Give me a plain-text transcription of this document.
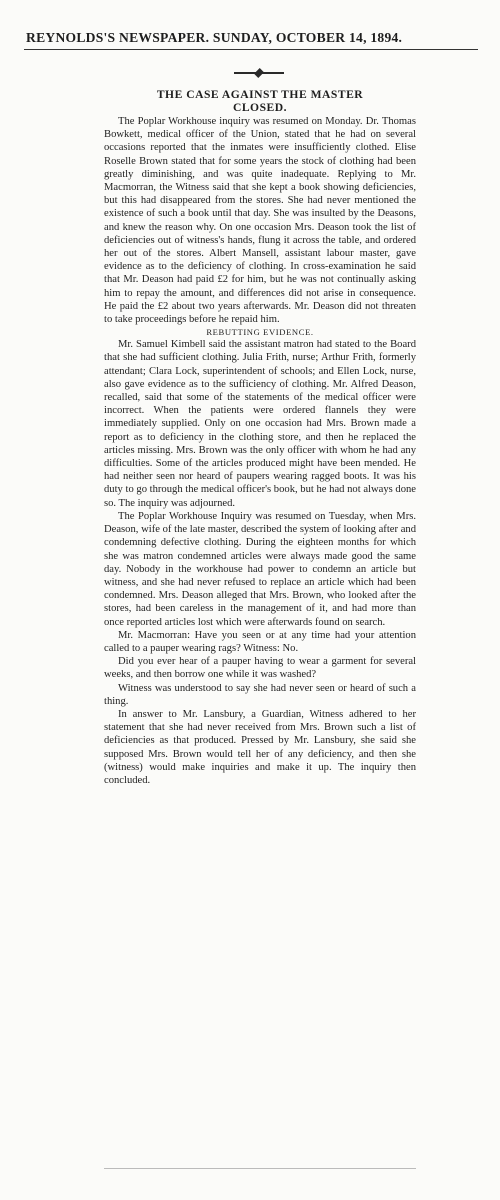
REYNOLDS'S NEWSPAPER. SUNDAY, OCTOBER 14, 1894.
THE CASE AGAINST THE MASTER
CLOSED.

The Poplar Workhouse inquiry was resumed on Monday. Dr. Thomas Bowkett, medical officer of the Union, stated that he had on several occasions reported that the inmates were insufficiently clothed. Elise Roselle Brown stated that for some years the stock of clothing had been greatly diminishing, and was quite inadequate. Replying to Mr. Macmorran, the Witness said that she kept a book showing deficiencies, but this had disappeared from the stores. She had never mentioned the existence of such a book until that day. She was insulted by the Deasons, and knew the reason why. On one occasion Mrs. Deason took the list of deficiencies out of witness's hands, flung it across the table, and ordered her out of the stores. Albert Mansell, assistant labour master, gave evidence as to the deficiency of clothing. In cross-examination he said that Mr. Deason had paid £2 for him, but he was not continually asking him to repay the amount, and differences did not arise in consequence. He paid the £2 about two years afterwards. Mr. Deason did not threaten to take proceedings before he repaid him.

REBUTTING EVIDENCE.

Mr. Samuel Kimbell said the assistant matron had stated to the Board that she had sufficient clothing. Julia Frith, nurse; Arthur Frith, formerly attendant; Clara Lock, superintendent of schools; and Ellen Lock, nurse, also gave evidence as to the sufficiency of clothing. Mr. Alfred Deason, recalled, said that some of the statements of the medical officer were incorrect. When the patients were ordered flannels they were immediately supplied. Only on one occasion had Mrs. Brown made a report as to deficiency in the clothing store, and then he replaced the articles missing. Mrs. Brown was the only officer with whom he had any difficulties. Some of the articles produced might have been mended. He had neither seen nor heard of paupers wearing ragged boots. It was his duty to go through the medical officer's book, but he had not always done so. The inquiry was adjourned.

The Poplar Workhouse Inquiry was resumed on Tuesday, when Mrs. Deason, wife of the late master, described the system of looking after and condemning defective clothing. During the eighteen months for which she was matron condemned articles were always made good the same day. Nobody in the workhouse had power to condemn an article but witness, and she had never refused to replace an article which had been condemned. Mrs. Deason alleged that Mrs. Brown, who looked after the stores, had been careless in the management of it, and had more than once reported articles lost which were afterwards found on search.

Mr. Macmorran: Have you seen or at any time had your attention called to a pauper wearing rags? Witness: No.

Did you ever hear of a pauper having to wear a garment for several weeks, and then borrow one while it was washed?

Witness was understood to say she had never seen or heard of such a thing.

In answer to Mr. Lansbury, a Guardian, Witness adhered to her statement that she had never received from Mrs. Brown such a list of deficiencies as that produced. Pressed by Mr. Lansbury, she said she supposed Mrs. Brown would tell her of any deficiency, and then she (witness) would make inquiries and make it up. The inquiry then concluded.
